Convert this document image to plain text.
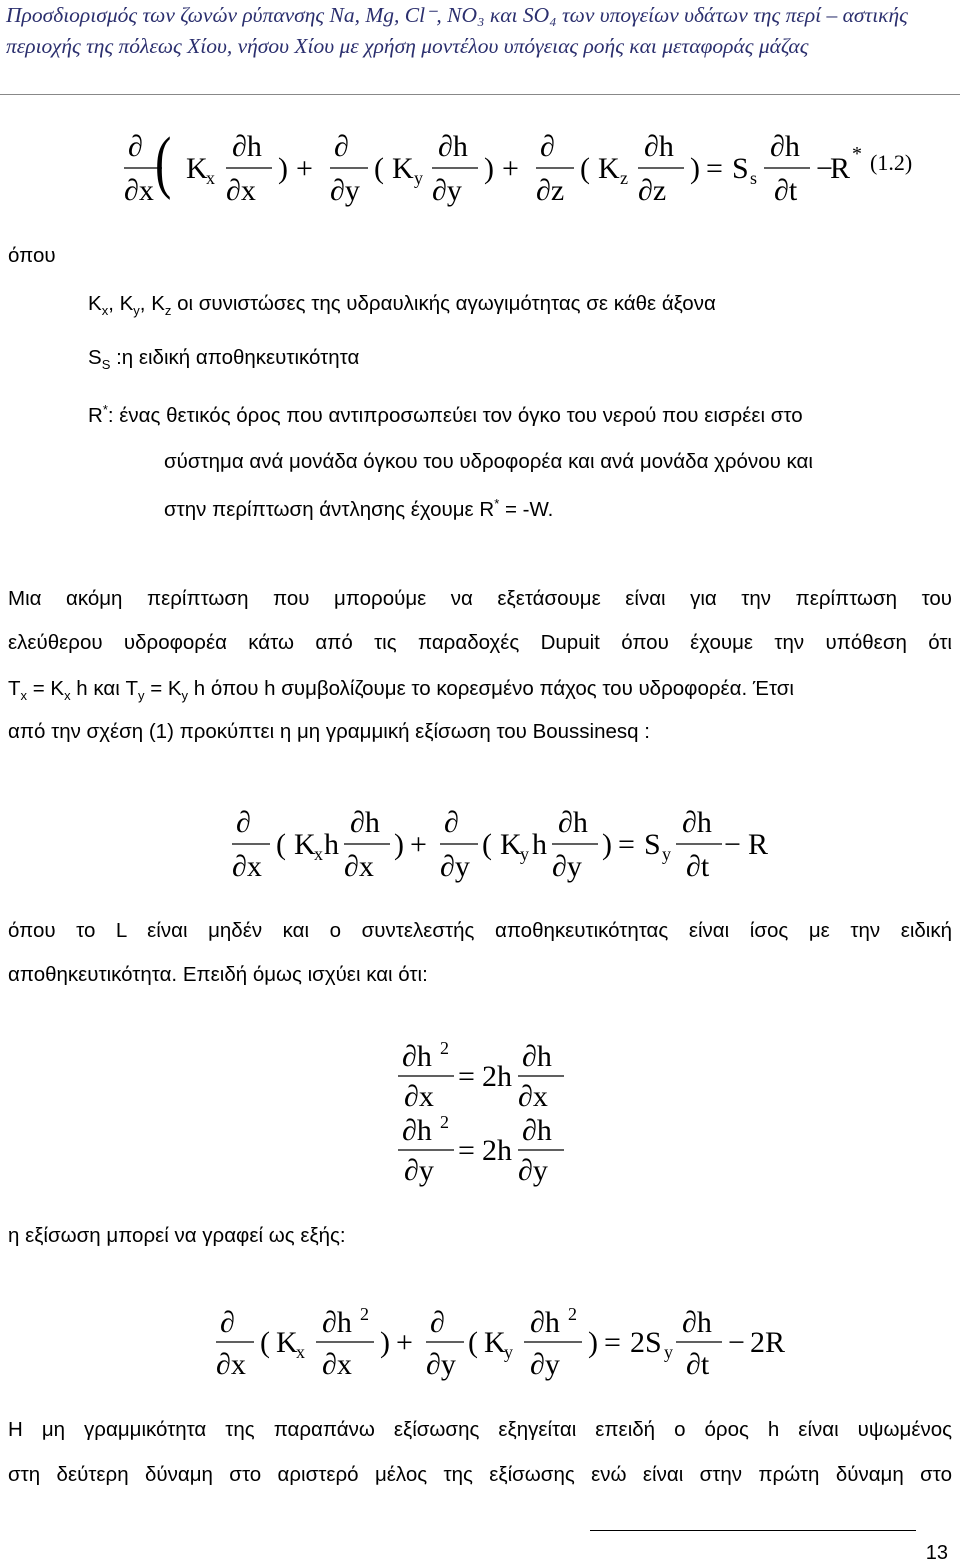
Προσδιορισμός των ζωνών ρύπανσης Na, Mg, Cl⁻, NO₃ και SO₄ των υπογείων υδάτων της περί – αστικής περιοχής της πόλεως Χίου, νήσου Χίου με χρήση μοντέλου υπόγειας ροής και μεταφοράς μάζας
∂
∂x ( K
x
∂h
∂x
) +
∂
∂y
( K y
∂h
∂y
) +
∂
∂z
( K z
∂h
∂z
) = S s
∂h
∂t
−
R * (1.2)
όπου
$K_x$, $K_y$, $K_z$ οι συνιστώσες της υδραυλικής αγωγιμότητας σε κάθε άξονα
$S_S$ :η ειδική αποθηκευτικότητα
R*: ένας θετικός όρος που αντιπροσωπεύει τον όγκο του νερού που εισρέει στο
σύστημα ανά μονάδα όγκου του υδροφορέα και ανά μονάδα χρόνου και
στην περίπτωση άντλησης έχουμε R* = -W.
Μια ακόμη περίπτωση που μπορούμε να εξετάσουμε είναι για την περίπτωση του
ελεύθερου υδροφορέα κάτω από τις παραδοχές Dupuit όπου έχουμε την υπόθεση ότι
$T_x = K_x$ h και $T_y = K_y$ h όπου h συμβολίζουμε το κορεσμένο πάχος του υδροφορέα. Έτσι
από την σχέση (1) προκύπτει η μη γραμμική εξίσωση του Boussinesq :
∂
∂x
( K
x h
∂h
∂x
) +
∂
∂y
( K
y h
∂h
∂y
) = S y
∂h
∂t
− R
όπου το L είναι μηδέν και ο συντελεστής αποθηκευτικότητας είναι ίσος με την ειδική
αποθηκευτικότητα. Επειδή όμως ισχύει και ότι:
∂h 2
∂x
= 2h
∂h
∂x
∂h 2
∂y
= 2h
∂h
∂y
η εξίσωση μπορεί να γραφεί ως εξής:
∂
∂x
( K
x
∂h 2
∂x
) +
∂
∂y
( K
y
∂h 2
∂y
) = 2S y
∂h
∂t
− 2R
Η μη γραμμικότητα της παραπάνω εξίσωσης εξηγείται επειδή ο όρος h είναι υψωμένος
στη δεύτερη δύναμη στο αριστερό μέλος της εξίσωσης ενώ είναι στην πρώτη δύναμη στο
13
